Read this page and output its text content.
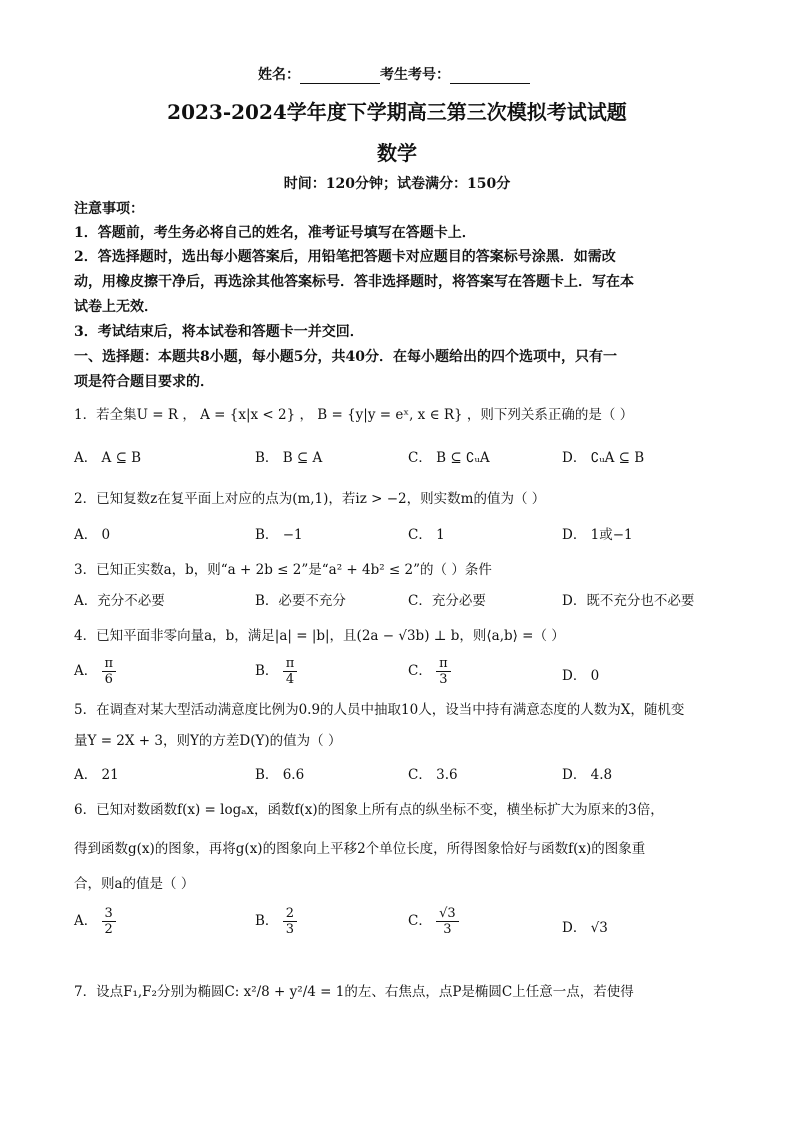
姓名：	考生考号：
2023-2024学年度下学期高三第三次模拟考试试题
数学
时间：120分钟；试卷满分：150分
注意事项：
1．答题前，考生务必将自己的姓名，准考证号填写在答题卡上．
2．答选择题时，选出每小题答案后，用铅笔把答题卡对应题目的答案标号涂黑．如需改
动，用橡皮擦干净后，再选涂其他答案标号．答非选择题时，将答案写在答题卡上．写在本
试卷上无效．
3．考试结束后，将本试卷和答题卡一并交回．
一、选择题：本题共8小题，每小题5分，共40分．在每小题给出的四个选项中，只有一
项是符合题目要求的．
1．若全集U = R ， A = {x|x < 2} ， B = {y|y = eˣ, x ∈ R} ，则下列关系正确的是（ ）
A． A ⊆ B	B． B ⊆ A	C． B ⊆ ∁ᵤA	D． ∁ᵤA ⊆ B
2．已知复数z在复平面上对应的点为(m,1)，若iz > −2，则实数m的值为（ ）
A． 0	B． −1	C． 1	D． 1或−1
3．已知正实数a，b，则“a + 2b ≤ 2”是“a² + 4b² ≤ 2”的（ ）条件
A．充分不必要	B．必要不充分	C．充分必要	D．既不充分也不必要
4．已知平面非零向量a，b，满足|a| = |b|，且(2a − √3b) ⊥ b，则⟨a,b⟩ =（ ）
A． $\frac{\pi}{6}$	B． $\frac{\pi}{4}$	C． $\frac{\pi}{3}$	D． 0
5．在调查对某大型活动满意度比例为0.9的人员中抽取10人，设当中持有满意态度的人数为X，随机变
量Y = 2X + 3，则Y的方差D(Y)的值为（ ）
A． 21	B． 6.6	C． 3.6	D． 4.8
6．已知对数函数f(x) = logₐx，函数f(x)的图象上所有点的纵坐标不变，横坐标扩大为原来的3倍，
得到函数g(x)的图象，再将g(x)的图象向上平移2个单位长度，所得图象恰好与函数f(x)的图象重
合，则a的值是（ ）
A． $\frac{3}{2}$	B． $\frac{2}{3}$	C． $\frac{√3}{3}$	D． √3
7．设点F₁,F₂分别为椭圆C: x²/8 + y²/4 = 1的左、右焦点，点P是椭圆C上任意一点，若使得
